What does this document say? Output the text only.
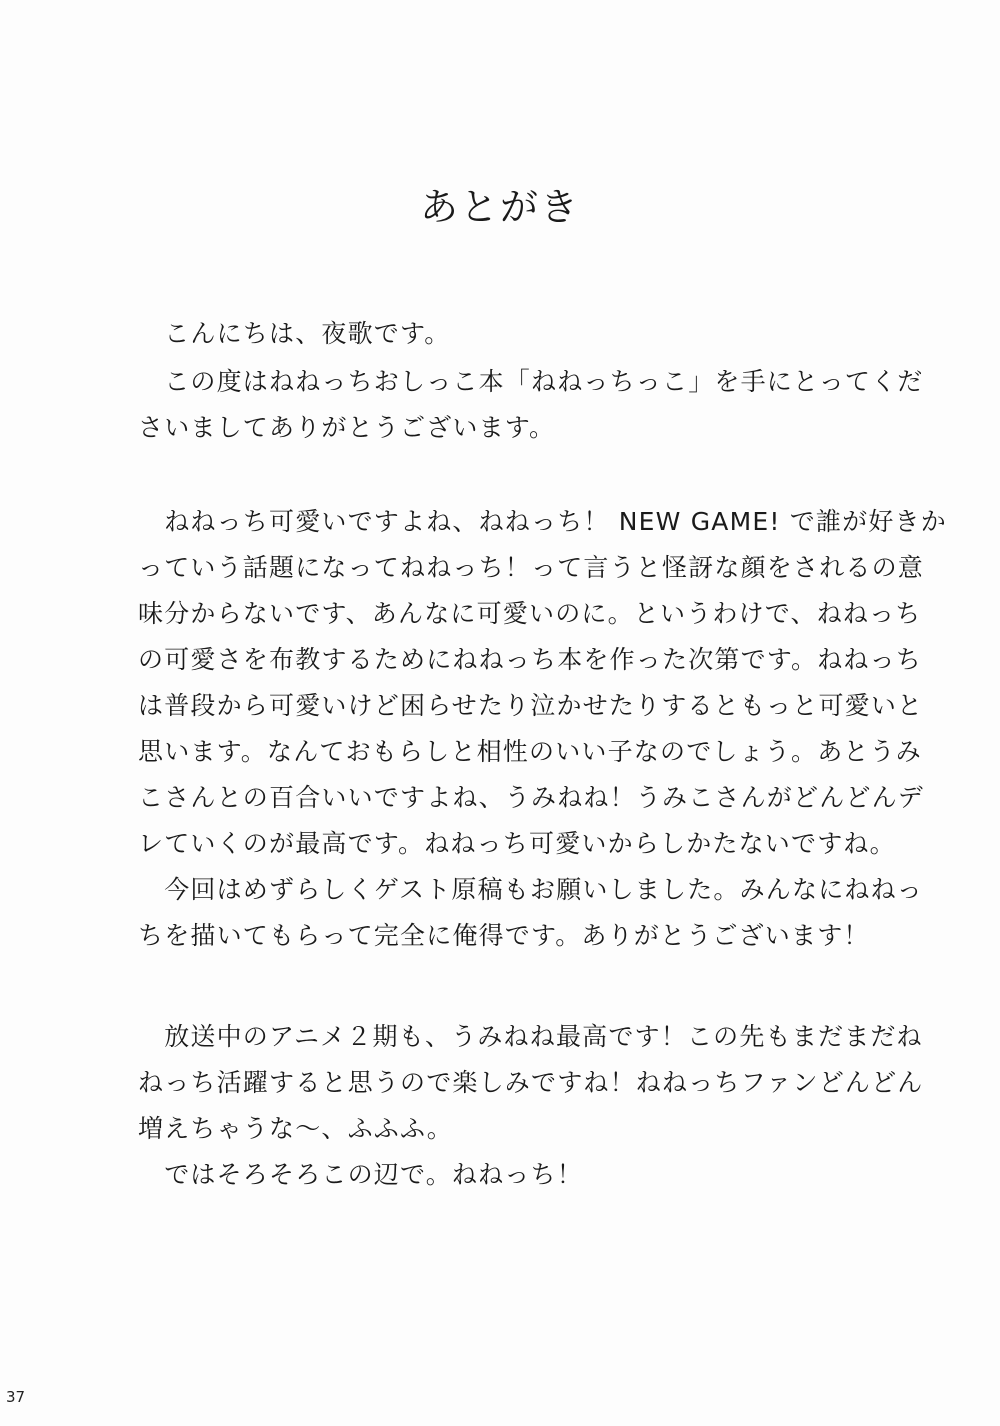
あとがき
　こんにちは、夜歌です。
　この度はねねっちおしっこ本「ねねっちっこ」を手にとってくだ
さいましてありがとうございます。
　ねねっち可愛いですよね、ねねっち！ NEW GAME! で誰が好きか
っていう話題になってねねっち！って言うと怪訝な顔をされるの意
味分からないです、あんなに可愛いのに。というわけで、ねねっち
の可愛さを布教するためにねねっち本を作った次第です。ねねっち
は普段から可愛いけど困らせたり泣かせたりするともっと可愛いと
思います。なんておもらしと相性のいい子なのでしょう。あとうみ
こさんとの百合いいですよね、うみねね！うみこさんがどんどんデ
レていくのが最高です。ねねっち可愛いからしかたないですね。
　今回はめずらしくゲスト原稿もお願いしました。みんなにねねっ
ちを描いてもらって完全に俺得です。ありがとうございます！
　放送中のアニメ２期も、うみねね最高です！この先もまだまだね
ねっち活躍すると思うので楽しみですね！ねねっちファンどんどん
増えちゃうな～、ふふふ。
　ではそろそろこの辺で。ねねっち！
37
